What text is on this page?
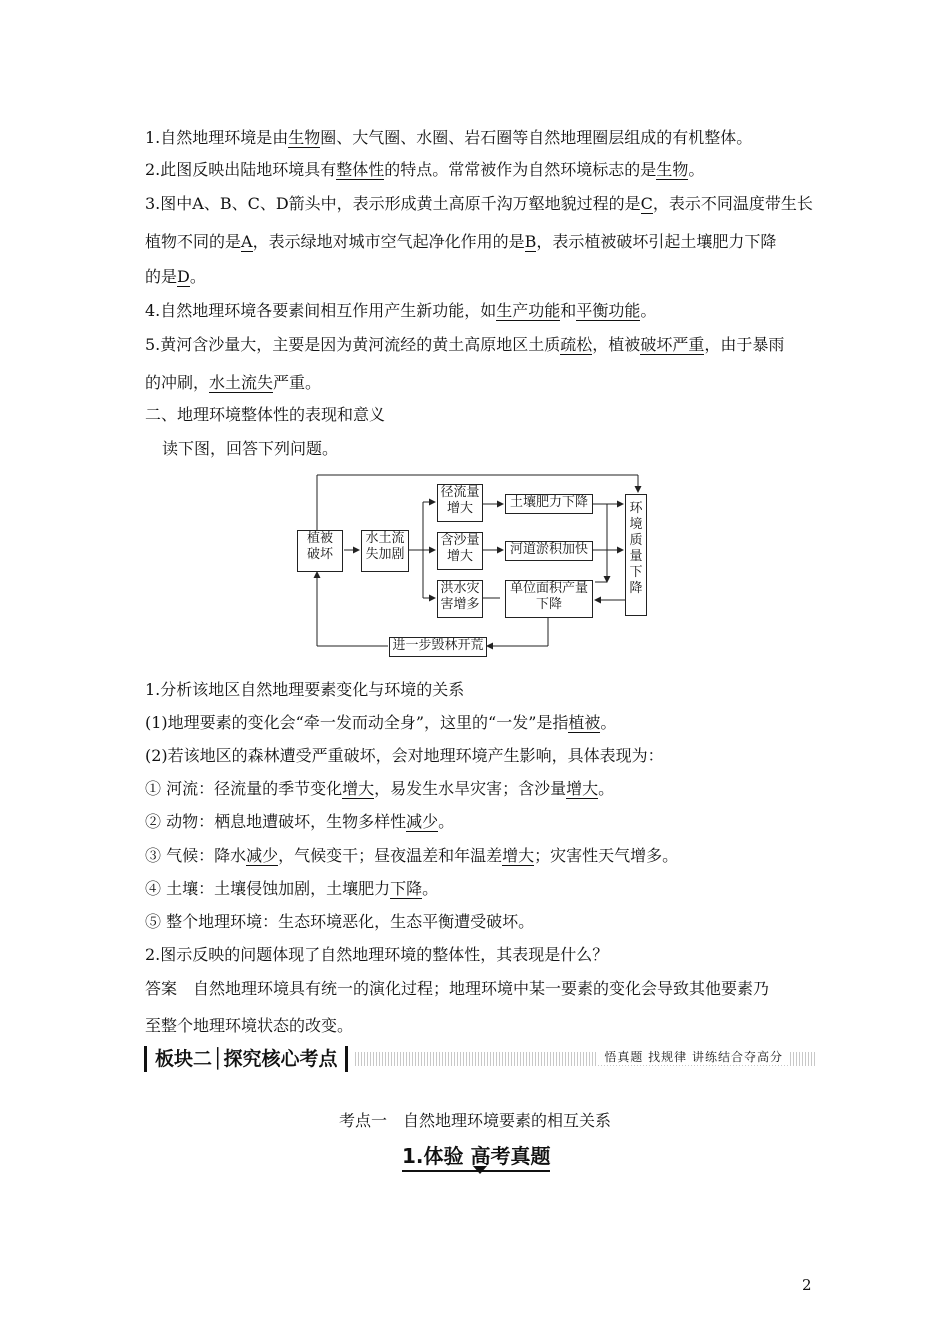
1.自然地理环境是由生物圈、大气圈、水圈、岩石圈等自然地理圈层组成的有机整体。
2.此图反映出陆地环境具有整体性的特点。常常被作为自然环境标志的是生物。
3.图中A、B、C、D箭头中，表示形成黄土高原千沟万壑地貌过程的是C，表示不同温度带生长
植物不同的是A，表示绿地对城市空气起净化作用的是B，表示植被破坏引起土壤肥力下降
的是D。
4.自然地理环境各要素间相互作用产生新功能，如生产功能和平衡功能。
5.黄河含沙量大，主要是因为黄河流经的黄土高原地区土质疏松，植被破坏严重，由于暴雨
的冲刷，水土流失严重。
二、地理环境整体性的表现和意义
读下图，回答下列问题。
植被
破坏
水土流
失加剧
径流量
增大
含沙量
增大
洪水灾
害增多
土壤肥力下降
河道淤积加快
单位面积产量
下降
环
境
质
量
下
降
进一步毁林开荒
1.分析该地区自然地理要素变化与环境的关系
(1)地理要素的变化会“牵一发而动全身”，这里的“一发”是指植被。
(2)若该地区的森林遭受严重破坏，会对地理环境产生影响，具体表现为：
① 河流：径流量的季节变化增大，易发生水旱灾害；含沙量增大。
② 动物：栖息地遭破坏，生物多样性减少。
③ 气候：降水减少，气候变干；昼夜温差和年温差增大；灾害性天气增多。
④ 土壤：土壤侵蚀加剧，土壤肥力下降。
⑤ 整个地理环境：生态环境恶化，生态平衡遭受破坏。
2.图示反映的问题体现了自然地理环境的整体性，其表现是什么？
答案　自然地理环境具有统一的演化过程；地理环境中某一要素的变化会导致其他要素乃
至整个地理环境状态的改变。
板块二│探究核心考点	悟真题 找规律 讲练结合夺高分
考点一　自然地理环境要素的相互关系
1.体验 高考真题
2
